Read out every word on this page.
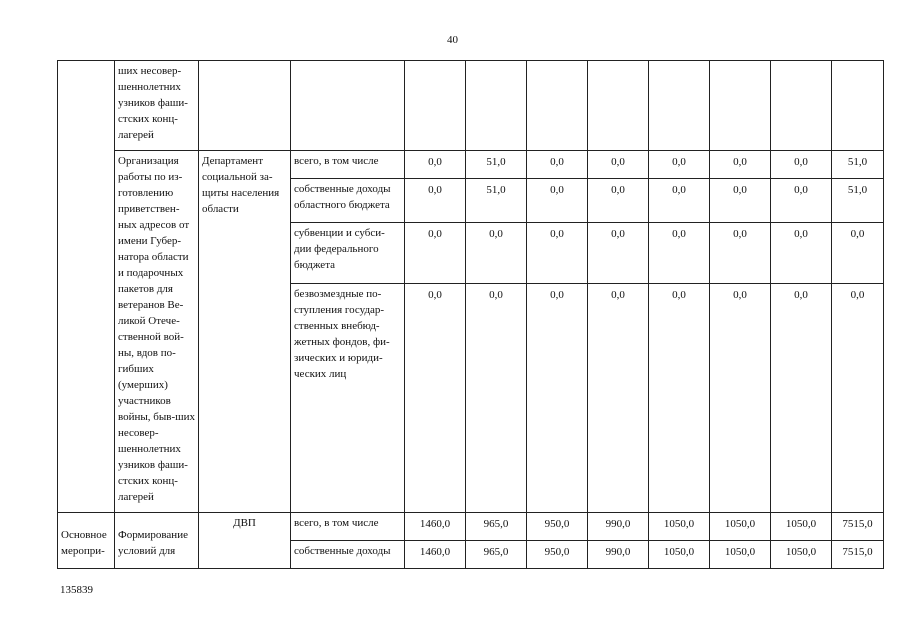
40
	ших несовер-шеннолетних узников фаши-стских конц-лагерей										
	Организация работы по из-готовлению приветствен-ных адресов от имени Губер-натора области и подарочных пакетов для ветеранов Ве-ликой Отече-ственной вой-ны, вдов по-гибших (умерших) участников войны, быв-ших несовер-шеннолетних узников фаши-стских конц-лагерей	Департамент социальной за-щиты населения области	всего, в том числе	0,0	51,0	0,0	0,0	0,0	0,0	0,0	51,0
			собственные доходы областного бюджета	0,0	51,0	0,0	0,0	0,0	0,0	0,0	51,0
			субвенции и субси-дии федерального бюджета	0,0	0,0	0,0	0,0	0,0	0,0	0,0	0,0
			безвозмездные по-ступления государ-ственных внебюд-жетных фондов, фи-зических и юриди-ческих лиц	0,0	0,0	0,0	0,0	0,0	0,0	0,0	0,0
Основное меропри-	Формирование условий для	ДВП	всего, в том числе	1460,0	965,0	950,0	990,0	1050,0	1050,0	1050,0	7515,0
			собственные доходы	1460,0	965,0	950,0	990,0	1050,0	1050,0	1050,0	7515,0
135839
